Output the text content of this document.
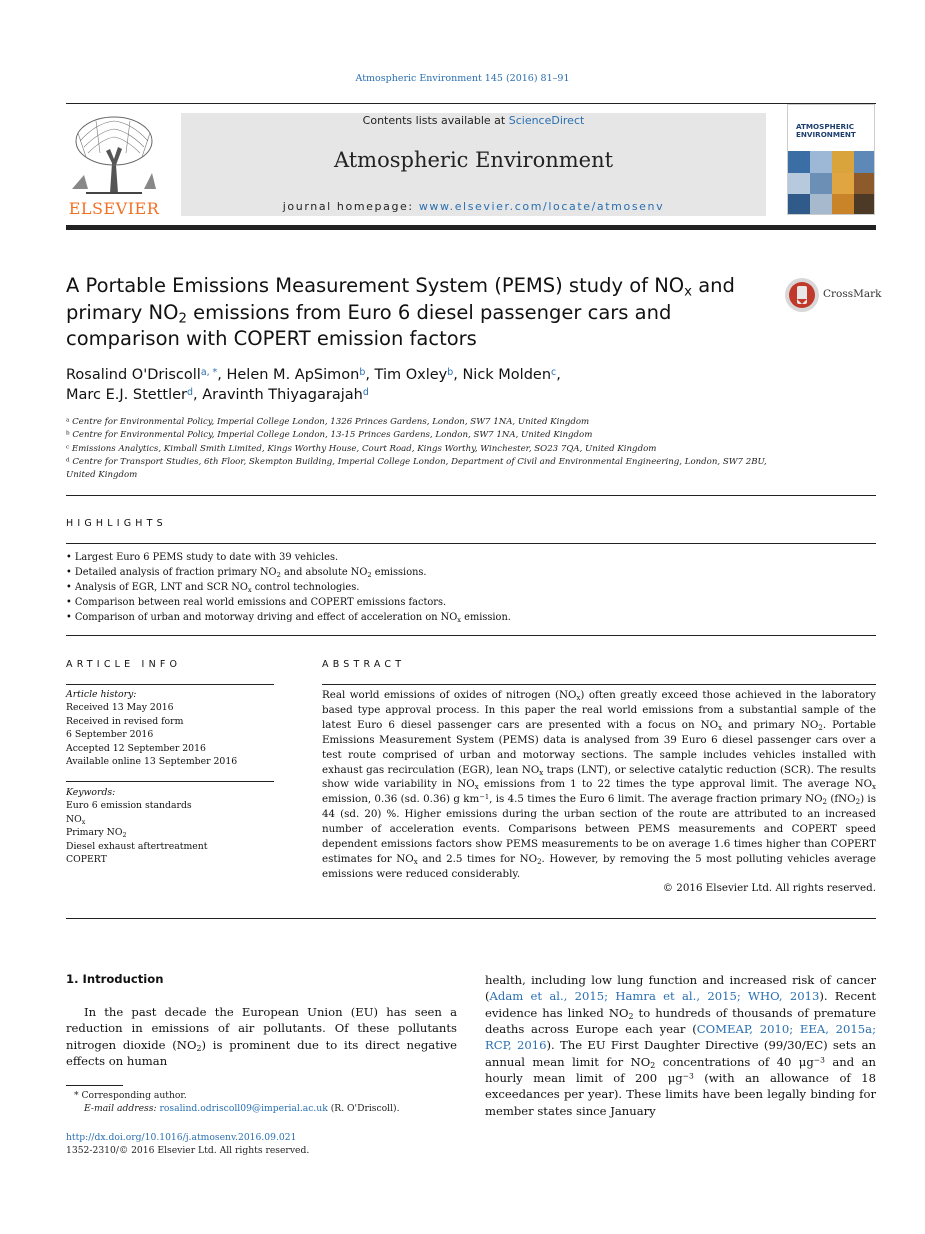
Atmospheric Environment 145 (2016) 81–91
ELSEVIER
Contents lists available at ScienceDirect
Atmospheric Environment
journal homepage: www.elsevier.com/locate/atmosenv
ATMOSPHERIC
ENVIRONMENT
A Portable Emissions Measurement System (PEMS) study of $NO_x$ and primary $NO_2$ emissions from Euro 6 diesel passenger cars and comparison with COPERT emission factors
CrossMark
Rosalind O'Driscoll$^{a, *}$, Helen M. ApSimon$^b$, Tim Oxley$^b$, Nick Molden$^c$,
Marc E.J. Stettler$^d$, Aravinth Thiyagarajah$^d$
$^a$ Centre for Environmental Policy, Imperial College London, 1326 Princes Gardens, London, SW7 1NA, United Kingdom
$^b$ Centre for Environmental Policy, Imperial College London, 13-15 Princes Gardens, London, SW7 1NA, United Kingdom
$^c$ Emissions Analytics, Kimball Smith Limited, Kings Worthy House, Court Road, Kings Worthy, Winchester, SO23 7QA, United Kingdom
$^d$ Centre for Transport Studies, 6th Floor, Skempton Building, Imperial College London, Department of Civil and Environmental Engineering, London, SW7 2BU, United Kingdom
HIGHLIGHTS
• Largest Euro 6 PEMS study to date with 39 vehicles.
• Detailed analysis of fraction primary $NO_2$ and absolute $NO_2$ emissions.
• Analysis of EGR, LNT and SCR $NO_x$ control technologies.
• Comparison between real world emissions and COPERT emissions factors.
• Comparison of urban and motorway driving and effect of acceleration on $NO_x$ emission.
ARTICLE INFO
Article history:
Received 13 May 2016
Received in revised form
6 September 2016
Accepted 12 September 2016
Available online 13 September 2016
Keywords:
Euro 6 emission standards
$NO_x$
Primary $NO_2$
Diesel exhaust aftertreatment
COPERT
ABSTRACT
Real world emissions of oxides of nitrogen $(NO_x)$ often greatly exceed those achieved in the laboratory based type approval process. In this paper the real world emissions from a substantial sample of the latest Euro 6 diesel passenger cars are presented with a focus on $NO_x$ and primary $NO_2$. Portable Emissions Measurement System (PEMS) data is analysed from 39 Euro 6 diesel passenger cars over a test route comprised of urban and motorway sections. The sample includes vehicles installed with exhaust gas recirculation (EGR), lean $NO_x$ traps (LNT), or selective catalytic reduction (SCR). The results show wide variability in $NO_x$ emissions from 1 to 22 times the type approval limit. The average $NO_x$ emission, 0.36 (sd. 0.36) g $km^{-1}$, is 4.5 times the Euro 6 limit. The average fraction primary $NO_2$ (fNO$_2$) is 44 (sd. 20) %. Higher emissions during the urban section of the route are attributed to an increased number of acceleration events. Comparisons between PEMS measurements and COPERT speed dependent emissions factors show PEMS measurements to be on average 1.6 times higher than COPERT estimates for $NO_x$ and 2.5 times for $NO_2$. However, by removing the 5 most polluting vehicles average emissions were reduced considerably.
© 2016 Elsevier Ltd. All rights reserved.
1. Introduction
In the past decade the European Union (EU) has seen a reduction in emissions of air pollutants. Of these pollutants nitrogen dioxide $(NO_2)$ is prominent due to its direct negative effects on human
health, including low lung function and increased risk of cancer (Adam et al., 2015; Hamra et al., 2015; WHO, 2013). Recent evidence has linked $NO_2$ to hundreds of thousands of premature deaths across Europe each year (COMEAP, 2010; EEA, 2015a; RCP, 2016). The EU First Daughter Directive (99/30/EC) sets an annual mean limit for $NO_2$ concentrations of 40 $\mu g^{-3}$ and an hourly mean limit of 200 $\mu g^{-3}$ (with an allowance of 18 exceedances per year). These limits have been legally binding for member states since January
* Corresponding author.
E-mail address: rosalind.odriscoll09@imperial.ac.uk (R. O'Driscoll).
http://dx.doi.org/10.1016/j.atmosenv.2016.09.021
1352-2310/© 2016 Elsevier Ltd. All rights reserved.
